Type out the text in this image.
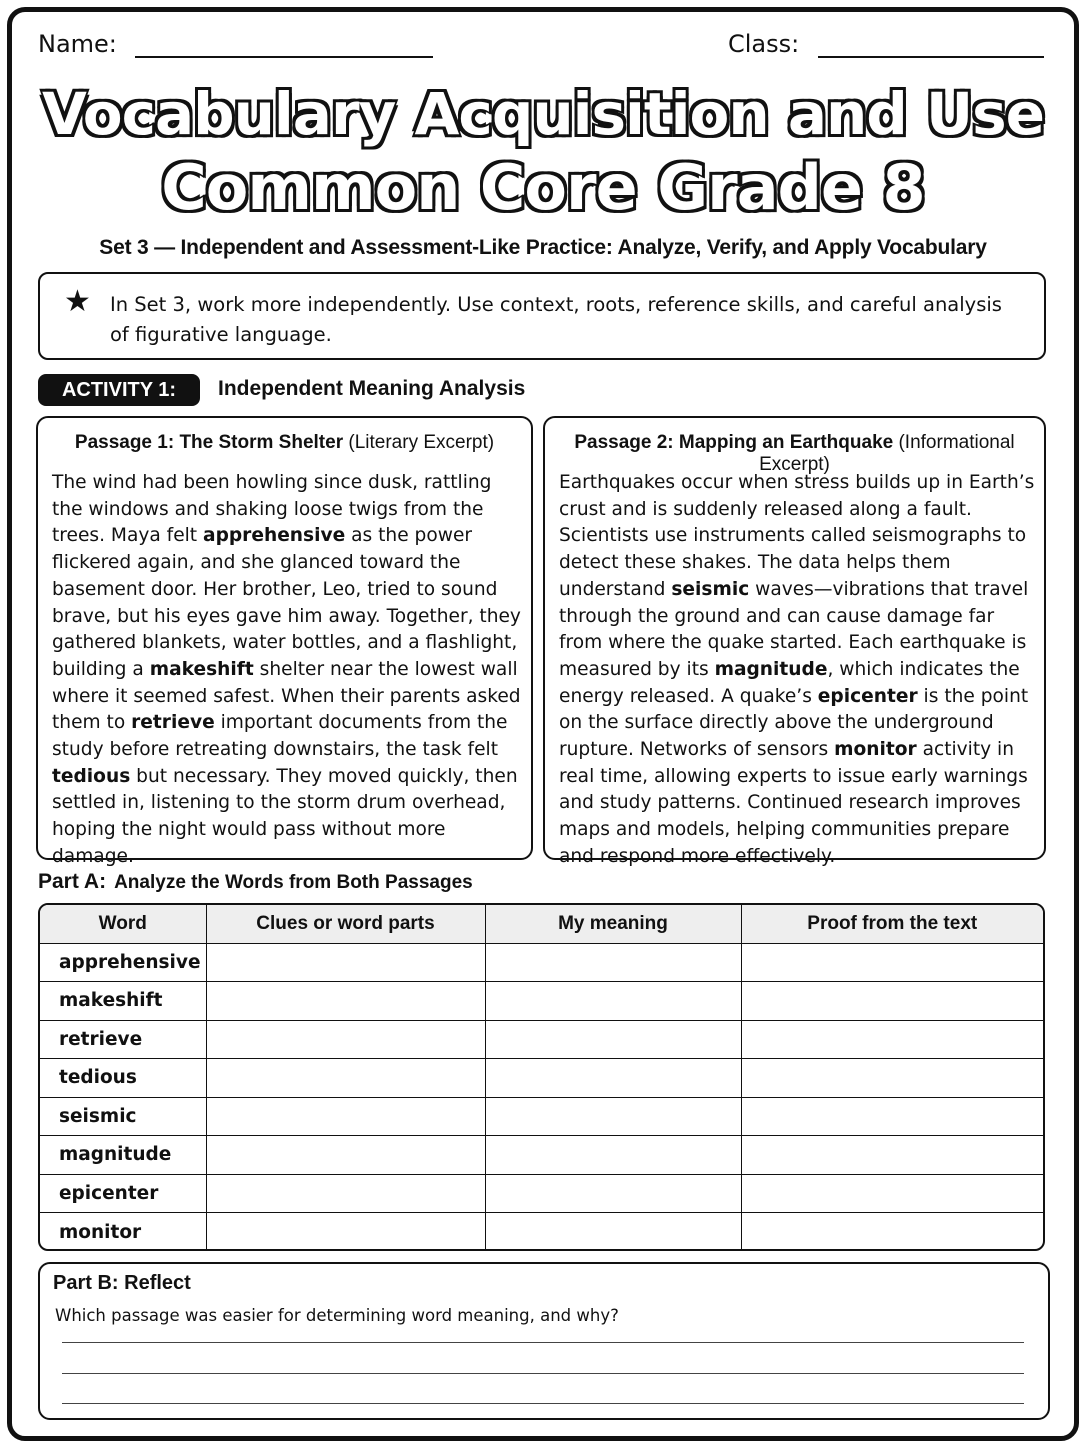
Name:	Class:
Vocabulary Acquisition and Use
Common Core Grade 8
Set 3 — Independent and Assessment-Like Practice: Analyze, Verify, and Apply Vocabulary
★ In Set 3, work more independently. Use context, roots, reference skills, and careful analysis of figurative language.
ACTIVITY 1:	Independent Meaning Analysis
Passage 1: The Storm Shelter (Literary Excerpt)
The wind had been howling since dusk, rattling the windows and shaking loose twigs from the trees. Maya felt apprehensive as the power flickered again, and she glanced toward the basement door. Her brother, Leo, tried to sound brave, but his eyes gave him away. Together, they gathered blankets, water bottles, and a flashlight, building a makeshift shelter near the lowest wall where it seemed safest. When their parents asked them to retrieve important documents from the study before retreating downstairs, the task felt tedious but necessary. They moved quickly, then settled in, listening to the storm drum overhead, hoping the night would pass without more damage.
Passage 2: Mapping an Earthquake (Informational Excerpt)
Earthquakes occur when stress builds up in Earth’s crust and is suddenly released along a fault. Scientists use instruments called seismographs to detect these shakes. The data helps them understand seismic waves—vibrations that travel through the ground and can cause damage far from where the quake started. Each earthquake is measured by its magnitude, which indicates the energy released. A quake’s epicenter is the point on the surface directly above the underground rupture. Networks of sensors monitor activity in real time, allowing experts to issue early warnings and study patterns. Continued research improves maps and models, helping communities prepare and respond more effectively.
Part A: Analyze the Words from Both Passages
Word	Clues or word parts	My meaning	Proof from the text
apprehensive			
makeshift			
retrieve			
tedious			
seismic			
magnitude			
epicenter			
monitor			
Part B: Reflect
Which passage was easier for determining word meaning, and why?
